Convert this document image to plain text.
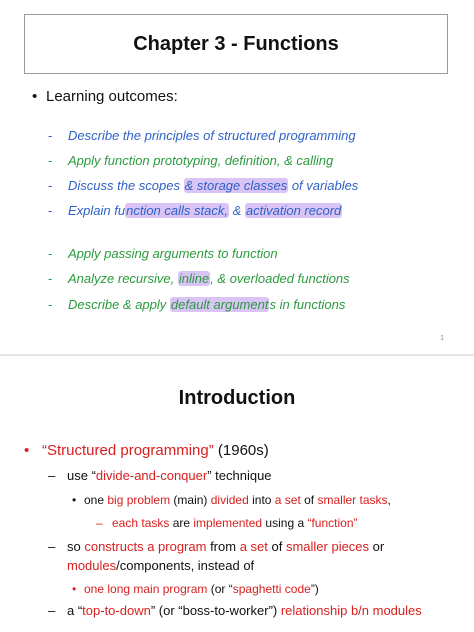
Chapter 3 - Functions
• Learning outcomes:
- Describe the principles of structured programming
- Apply function prototyping, definition, & calling
- Discuss the scopes & storage classes of variables
- Explain function calls stack, & activation record
- Apply passing arguments to function
- Analyze recursive, inline, & overloaded functions
- Describe & apply default arguments in functions
1
Introduction
• “Structured programming” (1960s)
– use “divide-and-conquer” technique
• one big problem (main) divided into a set of smaller tasks,
– each tasks are implemented using a “function”
– so constructs a program from a set of smaller pieces or
modules/components, instead of
• one long main program (or “spaghetti code”)
– a “top-to-down” (or “boss-to-worker”) relationship b/n modules
